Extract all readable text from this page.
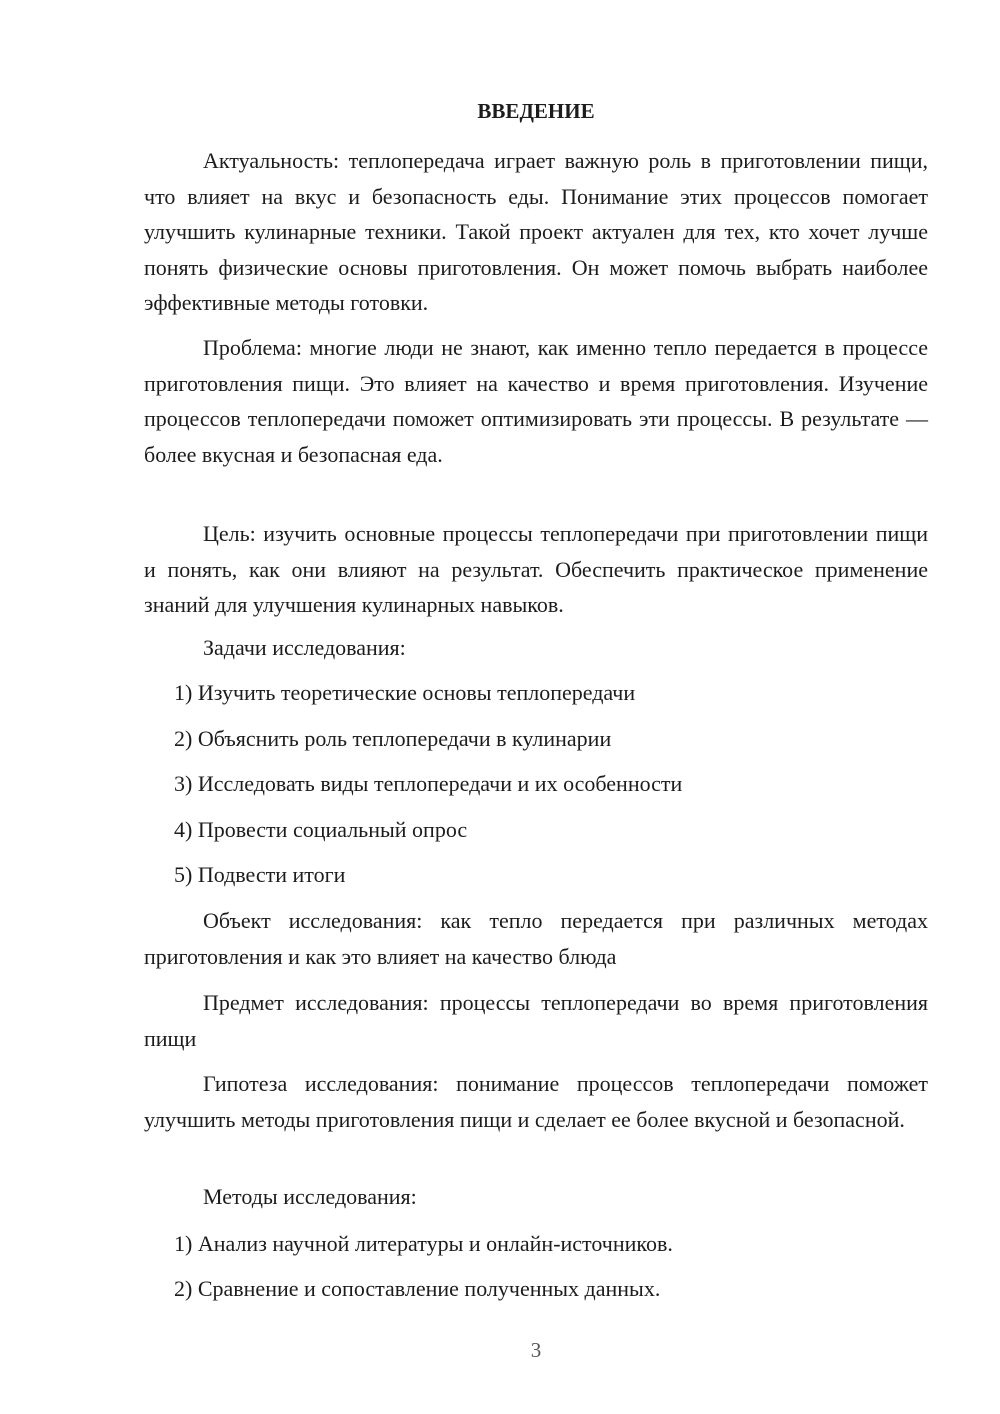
ВВЕДЕНИЕ

Актуальность: теплопередача играет важную роль в приготовлении пищи, что влияет на вкус и безопасность еды. Понимание этих процессов помогает улучшить кулинарные техники. Такой проект актуален для тех, кто хочет лучше понять физические основы приготовления. Он может помочь выбрать наиболее эффективные методы готовки.

Проблема: многие люди не знают, как именно тепло передается в процессе приготовления пищи. Это влияет на качество и время приготовления. Изучение процессов теплопередачи поможет оптимизировать эти процессы. В результате — более вкусная и безопасная еда.

Цель: изучить основные процессы теплопередачи при приготовлении пищи и понять, как они влияют на результат. Обеспечить практическое применение знаний для улучшения кулинарных навыков.

Задачи исследования:
1) Изучить теоретические основы теплопередачи
2) Объяснить роль теплопередачи в кулинарии
3) Исследовать виды теплопередачи и их особенности
4) Провести социальный опрос
5) Подвести итоги

Объект исследования: как тепло передается при различных методах приготовления и как это влияет на качество блюда

Предмет исследования: процессы теплопередачи во время приготовления пищи

Гипотеза исследования: понимание процессов теплопередачи поможет улучшить методы приготовления пищи и сделает ее более вкусной и безопасной.

Методы исследования:
1) Анализ научной литературы и онлайн-источников.
2) Сравнение и сопоставление полученных данных.
3
